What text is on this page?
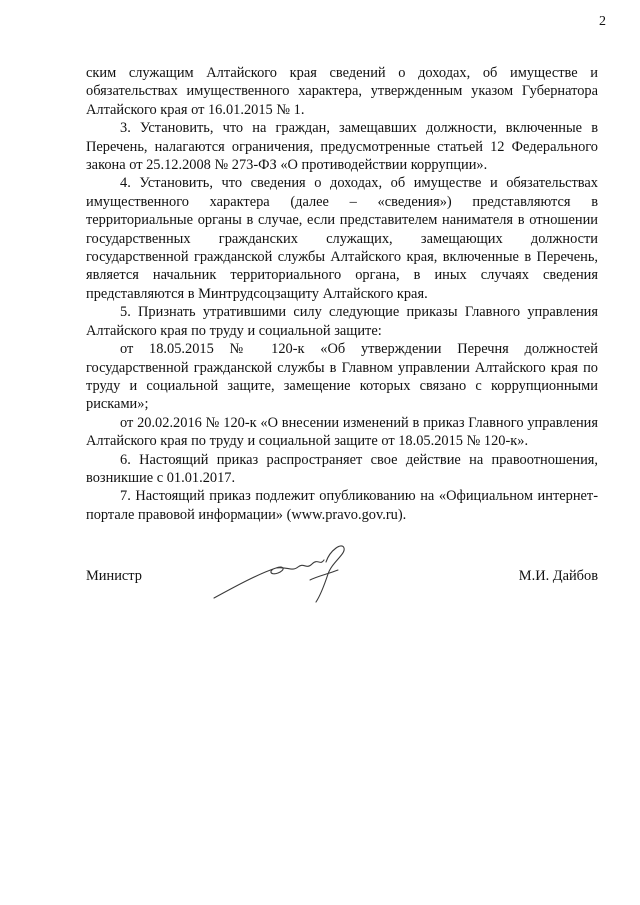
2

ским служащим Алтайского края сведений о доходах, об имуществе и обязательствах имущественного характера, утвержденным указом Губернатора Алтайского края от 16.01.2015 № 1.

3. Установить, что на граждан, замещавших должности, включенные в Перечень, налагаются ограничения, предусмотренные статьей 12 Федерального закона от 25.12.2008 № 273-ФЗ «О противодействии коррупции».

4. Установить, что сведения о доходах, об имуществе и обязательствах имущественного характера (далее – «сведения») представляются в территориальные органы в случае, если представителем нанимателя в отношении государственных гражданских служащих, замещающих должности государственной гражданской службы Алтайского края, включенные в Перечень, является начальник территориального органа, в иных случаях сведения представляются в Минтрудсоцзащиту Алтайского края.

5. Признать утратившими силу следующие приказы Главного управления Алтайского края по труду и социальной защите:

от 18.05.2015 № 120-к «Об утверждении Перечня должностей государственной гражданской службы в Главном управлении Алтайского края по труду и социальной защите, замещение которых связано с коррупционными рисками»;

от 20.02.2016 № 120-к «О внесении изменений в приказ Главного управления Алтайского края по труду и социальной защите от 18.05.2015 № 120-к».

6. Настоящий приказ распространяет свое действие на правоотношения, возникшие с 01.01.2017.

7. Настоящий приказ подлежит опубликованию на «Официальном интернет-портале правовой информации» (www.pravo.gov.ru).

Министр	М.И. Дайбов
